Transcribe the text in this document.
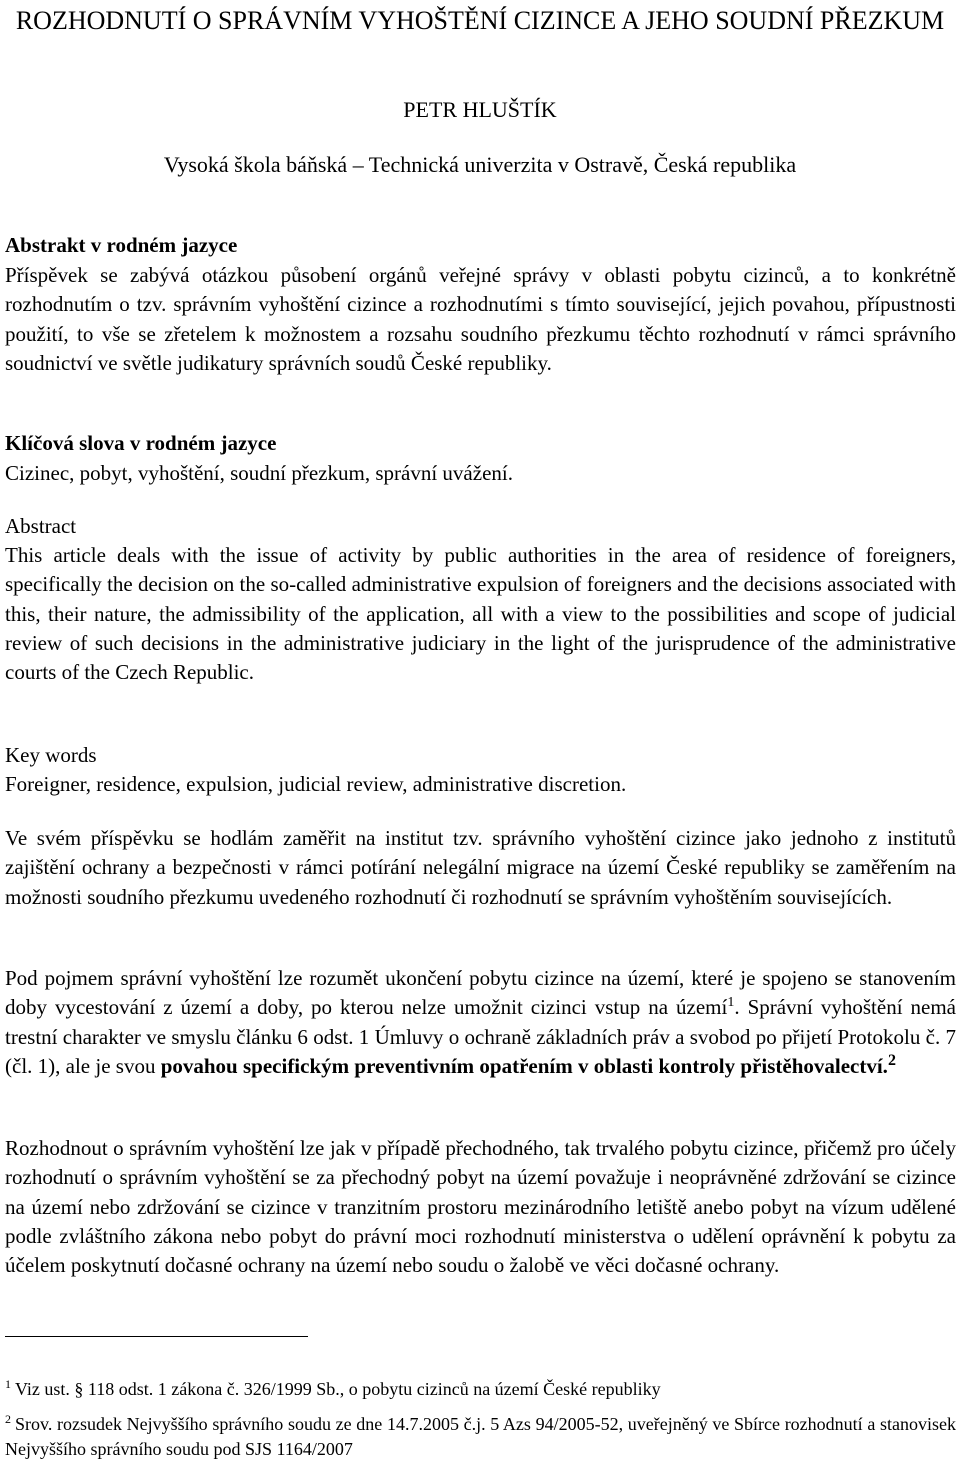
ROZHODNUTÍ O SPRÁVNÍM VYHOŠTĚNÍ CIZINCE A JEHO SOUDNÍ PŘEZKUM
PETR HLUŠTÍK
Vysoká škola báňská – Technická univerzita v Ostravě, Česká republika
Abstrakt v rodném jazyce
Příspěvek se zabývá otázkou působení orgánů veřejné správy v oblasti pobytu cizinců, a to konkrétně rozhodnutím o tzv. správním vyhoštění cizince a rozhodnutími s tímto související, jejich povahou, přípustnosti použití, to vše se zřetelem k možnostem a rozsahu soudního přezkumu těchto rozhodnutí v rámci správního soudnictví ve světle judikatury správních soudů České republiky.
Klíčová slova v rodném jazyce
Cizinec, pobyt, vyhoštění, soudní přezkum, správní uvážení.
Abstract
This article deals with the issue of activity by public authorities in the area of residence of foreigners, specifically the decision on the so-called administrative expulsion of foreigners and the decisions associated with this, their nature, the admissibility of the application, all with a view to the possibilities and scope of judicial review of such decisions in the administrative judiciary in the light of the jurisprudence of the administrative courts of the Czech Republic.
Key words
Foreigner, residence, expulsion, judicial review, administrative discretion.
Ve svém příspěvku se hodlám zaměřit na institut tzv. správního vyhoštění cizince jako jednoho z institutů zajištění ochrany a bezpečnosti v rámci potírání nelegální migrace na území České republiky se zaměřením na možnosti soudního přezkumu uvedeného rozhodnutí či rozhodnutí se správním vyhoštěním souvisejících.
Pod pojmem správní vyhoštění lze rozumět ukončení pobytu cizince na území, které je spojeno se stanovením doby vycestování z území a doby, po kterou nelze umožnit cizinci vstup na území$^1$. Správní vyhoštění nemá trestní charakter ve smyslu článku 6 odst. 1 Úmluvy o ochraně základních práv a svobod po přijetí Protokolu č. 7 (čl. 1), ale je svou povahou specifickým preventivním opatřením v oblasti kontroly přistěhovalectví.$^2$
Rozhodnout o správním vyhoštění lze jak v případě přechodného, tak trvalého pobytu cizince, přičemž pro účely rozhodnutí o správním vyhoštění se za přechodný pobyt na území považuje i neoprávněné zdržování se cizince na území nebo zdržování se cizince v tranzitním prostoru mezinárodního letiště anebo pobyt na vízum udělené podle zvláštního zákona nebo pobyt do právní moci rozhodnutí ministerstva o udělení oprávnění k pobytu za účelem poskytnutí dočasné ochrany na území nebo soudu o žalobě ve věci dočasné ochrany.
$^1$ Viz ust. § 118 odst. 1 zákona č. 326/1999 Sb., o pobytu cizinců na území České republiky
$^2$ Srov. rozsudek Nejvyššího správního soudu ze dne 14.7.2005 č.j. 5 Azs 94/2005-52, uveřejněný ve Sbírce rozhodnutí a stanovisek Nejvyššího správního soudu pod SJS 1164/2007
